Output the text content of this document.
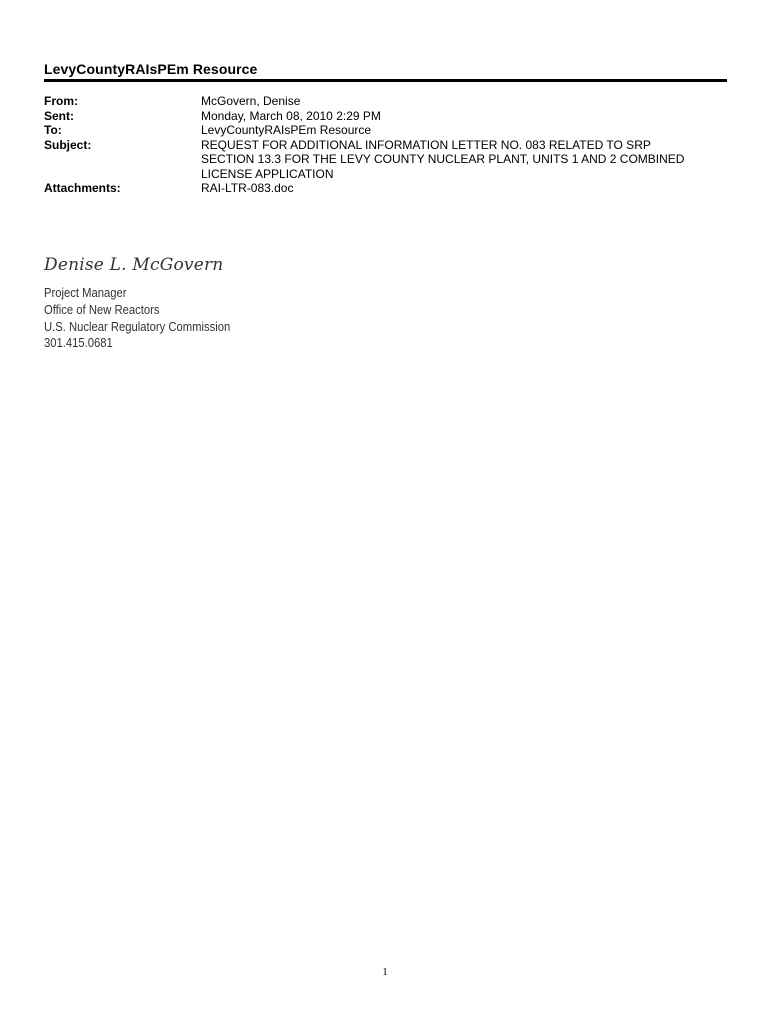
LevyCountyRAIsPEm Resource
From:	McGovern, Denise
Sent:	Monday, March 08, 2010 2:29 PM
To:	LevyCountyRAIsPEm Resource
Subject:	REQUEST FOR ADDITIONAL INFORMATION LETTER NO. 083 RELATED TO SRP
SECTION 13.3 FOR THE LEVY COUNTY NUCLEAR PLANT, UNITS 1 AND 2 COMBINED
LICENSE APPLICATION
Attachments:	RAI-LTR-083.doc
Denise L. McGovern
Project Manager
Office of New Reactors
U.S. Nuclear Regulatory Commission
301.415.0681
1
